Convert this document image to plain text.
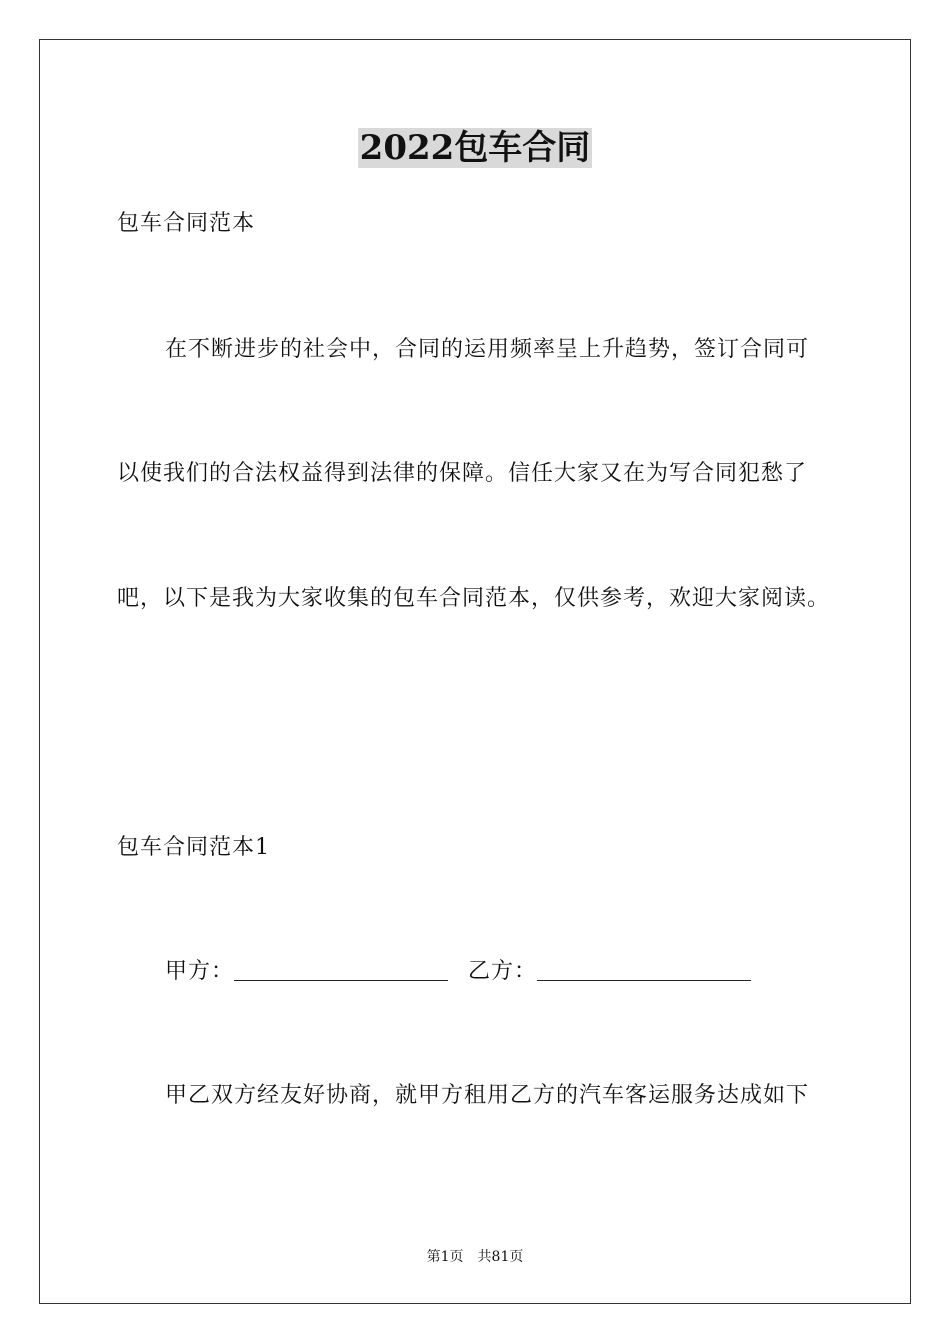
2022包车合同
包车合同范本
在不断进步的社会中，合同的运用频率呈上升趋势，签订合同可
以使我们的合法权益得到法律的保障。信任大家又在为写合同犯愁了
吧，以下是我为大家收集的包车合同范本，仅供参考，欢迎大家阅读。
包车合同范本1
甲方：	乙方：
甲乙双方经友好协商，就甲方租用乙方的汽车客运服务达成如下
第1页 共81页
